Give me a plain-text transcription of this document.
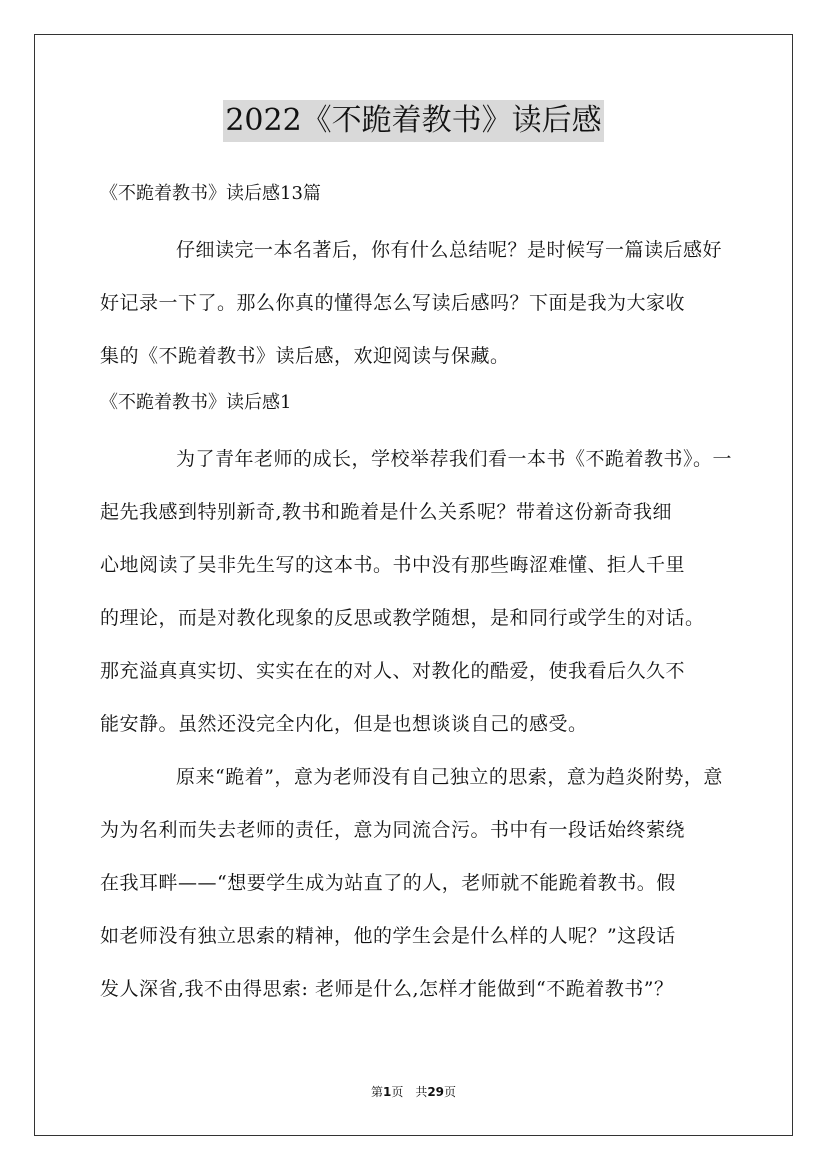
2022《不跪着教书》读后感

《不跪着教书》读后感13篇

仔细读完一本名著后，你有什么总结呢？是时候写一篇读后感好
好记录一下了。那么你真的懂得怎么写读后感吗？下面是我为大家收
集的《不跪着教书》读后感，欢迎阅读与保藏。

《不跪着教书》读后感1

为了青年老师的成长，学校举荐我们看一本书《不跪着教书》。一
起先我感到特别新奇,教书和跪着是什么关系呢？带着这份新奇我细
心地阅读了吴非先生写的这本书。书中没有那些晦涩难懂、拒人千里
的理论，而是对教化现象的反思或教学随想，是和同行或学生的对话。
那充溢真真实切、实实在在的对人、对教化的酷爱，使我看后久久不
能安静。虽然还没完全内化，但是也想谈谈自己的感受。

原来“跪着”，意为老师没有自己独立的思索，意为趋炎附势，意
为为名利而失去老师的责任，意为同流合污。书中有一段话始终萦绕
在我耳畔——“想要学生成为站直了的人，老师就不能跪着教书。假
如老师没有独立思索的精神，他的学生会是什么样的人呢？”这段话
发人深省,我不由得思索: 老师是什么,怎样才能做到“不跪着教书”？

第1页　共29页
